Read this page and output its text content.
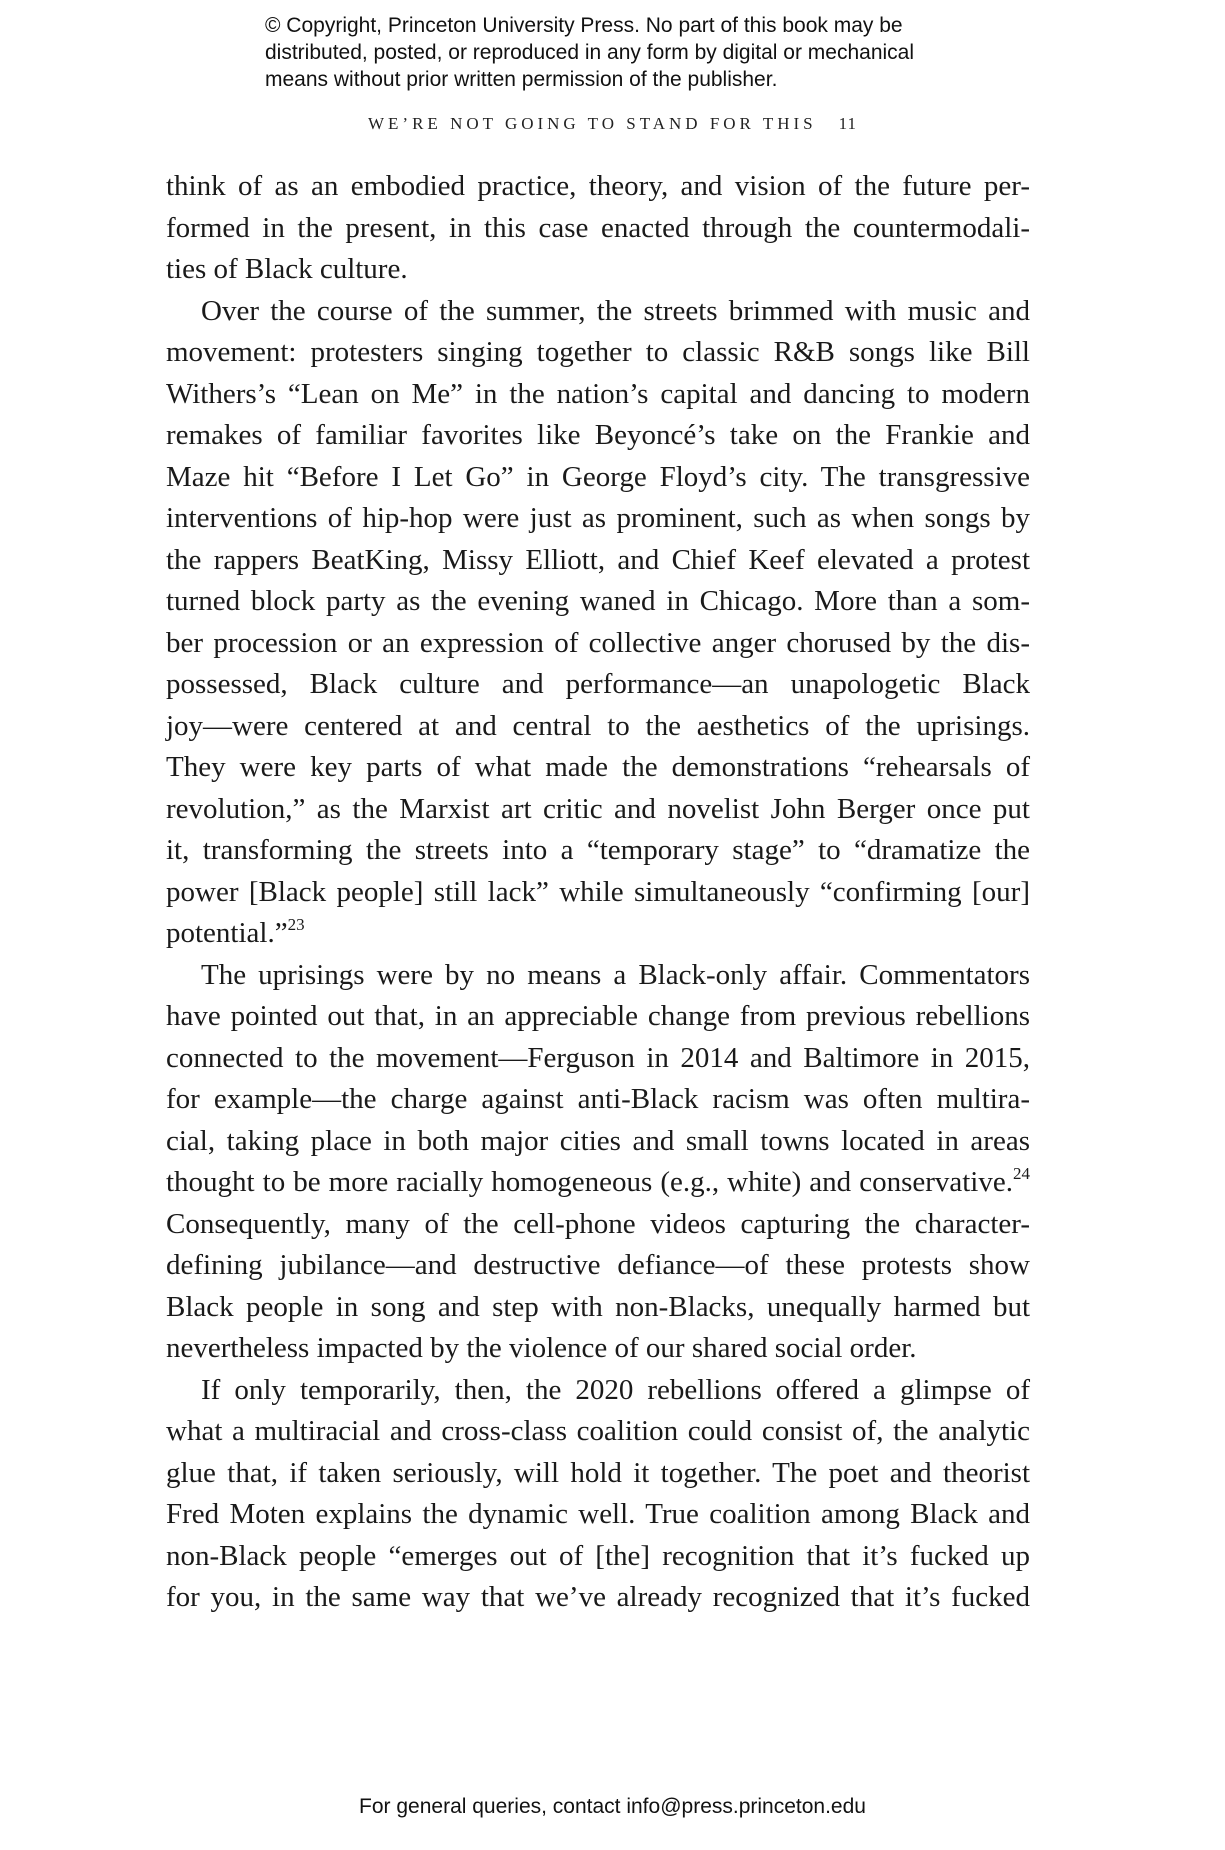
© Copyright, Princeton University Press. No part of this book may be
distributed, posted, or reproduced in any form by digital or mechanical
means without prior written permission of the publisher.
WE’RE NOT GOING TO STAND FOR THIS 11
think of as an embodied practice, theory, and vision of the future per-
formed in the present, in this case enacted through the countermodali-
ties of Black culture.
Over the course of the summer, the streets brimmed with music and
movement: protesters singing together to classic R&B songs like Bill
Withers’s “Lean on Me” in the nation’s capital and dancing to modern
remakes of familiar favorites like Beyoncé’s take on the Frankie and
Maze hit “Before I Let Go” in George Floyd’s city. The transgressive
interventions of hip-hop were just as prominent, such as when songs by
the rappers BeatKing, Missy Elliott, and Chief Keef elevated a protest
turned block party as the evening waned in Chicago. More than a som-
ber procession or an expression of collective anger chorused by the dis-
possessed, Black culture and performance—an unapologetic Black
joy—were centered at and central to the aesthetics of the uprisings.
They were key parts of what made the demonstrations “rehearsals of
revolution,” as the Marxist art critic and novelist John Berger once put
it, transforming the streets into a “temporary stage” to “dramatize the
power [Black people] still lack” while simultaneously “confirming [our]
potential.”$^{23}$
The uprisings were by no means a Black-only affair. Commentators
have pointed out that, in an appreciable change from previous rebellions
connected to the movement—Ferguson in 2014 and Baltimore in 2015,
for example—the charge against anti-Black racism was often multira-
cial, taking place in both major cities and small towns located in areas
thought to be more racially homogeneous (e.g., white) and conservative.$^{24}$
Consequently, many of the cell-phone videos capturing the character-
defining jubilance—and destructive defiance—of these protests show
Black people in song and step with non-Blacks, unequally harmed but
nevertheless impacted by the violence of our shared social order.
If only temporarily, then, the 2020 rebellions offered a glimpse of
what a multiracial and cross-class coalition could consist of, the analytic
glue that, if taken seriously, will hold it together. The poet and theorist
Fred Moten explains the dynamic well. True coalition among Black and
non-Black people “emerges out of [the] recognition that it’s fucked up
for you, in the same way that we’ve already recognized that it’s fucked
For general queries, contact info@press.princeton.edu
